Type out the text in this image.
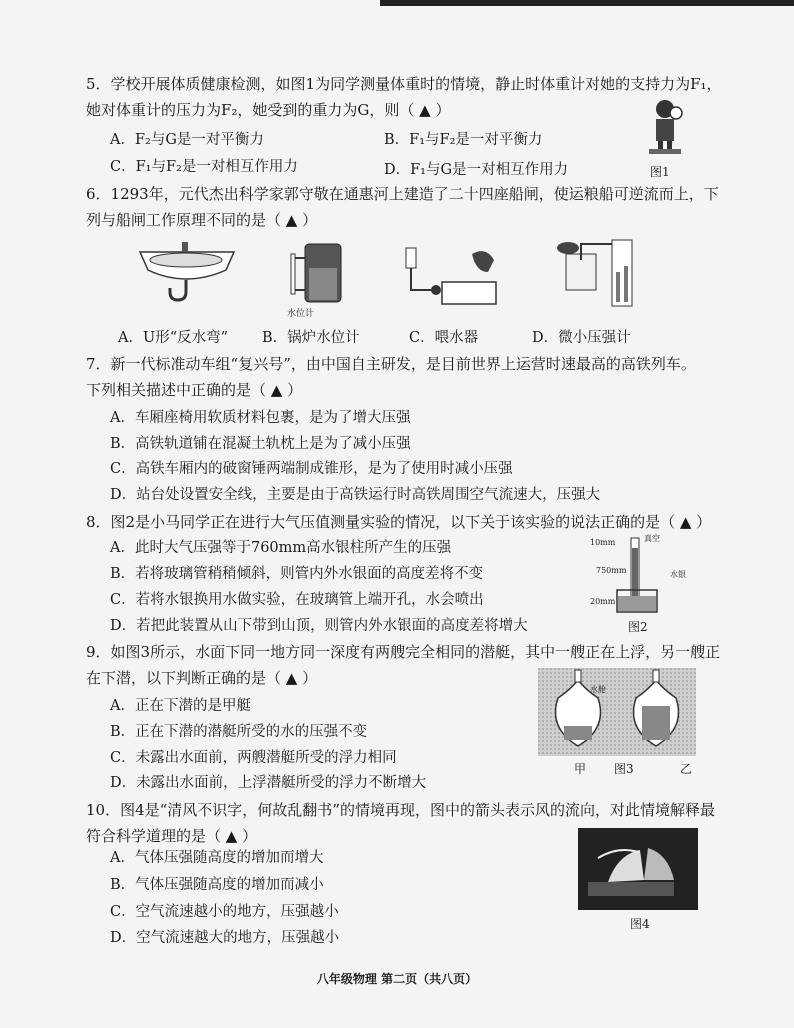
5．学校开展体质健康检测，如图1为同学测量体重时的情境，静止时体重计对她的支持力为F₁，
她对体重计的压力为F₂，她受到的重力为G，则（ ▲ ）
A．F₂与G是一对平衡力	B．F₁与F₂是一对平衡力
C．F₁与F₂是一对相互作用力	D．F₁与G是一对相互作用力	图1
6．1293年，元代杰出科学家郭守敬在通惠河上建造了二十四座船闸，使运粮船可逆流而上，下
列与船闸工作原理不同的是（ ▲ ）
水位计
A．U形“反水弯” B．锅炉水位计	C．喂水器	D．微小压强计
7．新一代标准动车组“复兴号”，由中国自主研发，是目前世界上运营时速最高的高铁列车。
下列相关描述中正确的是（ ▲ ）
A．车厢座椅用软质材料包裹，是为了增大压强
B．高铁轨道铺在混凝土轨枕上是为了减小压强
C．高铁车厢内的破窗锤两端制成锥形，是为了使用时减小压强
D．站台处设置安全线，主要是由于高铁运行时高铁周围空气流速大，压强大
8．图2是小马同学正在进行大气压值测量实验的情况，以下关于该实验的说法正确的是（ ▲ ）
A．此时大气压强等于760mm高水银柱所产生的压强
B．若将玻璃管稍稍倾斜，则管内外水银面的高度差将不变
C．若将水银换用水做实验，在玻璃管上端开孔，水会喷出
D．若把此装置从山下带到山顶，则管内外水银面的高度差将增大
10mm	真空
750mm	水银
20mm
图2
9．如图3所示，水面下同一地方同一深度有两艘完全相同的潜艇，其中一艘正在上浮，另一艘正
在下潜，以下判断正确的是（ ▲ ）
A．正在下潜的是甲艇
B．正在下潜的潜艇所受的水的压强不变
C．未露出水面前，两艘潜艇所受的浮力相同
D．未露出水面前，上浮潜艇所受的浮力不断增大
水舱
甲 图3	乙
10．图4是“清风不识字，何故乱翻书”的情境再现，图中的箭头表示风的流向，对此情境解释最
符合科学道理的是（ ▲ ）
A．气体压强随高度的增加而增大
B．气体压强随高度的增加而减小
C．空气流速越小的地方，压强越小
D．空气流速越大的地方，压强越小
图4
八年级物理 第二页（共八页）
